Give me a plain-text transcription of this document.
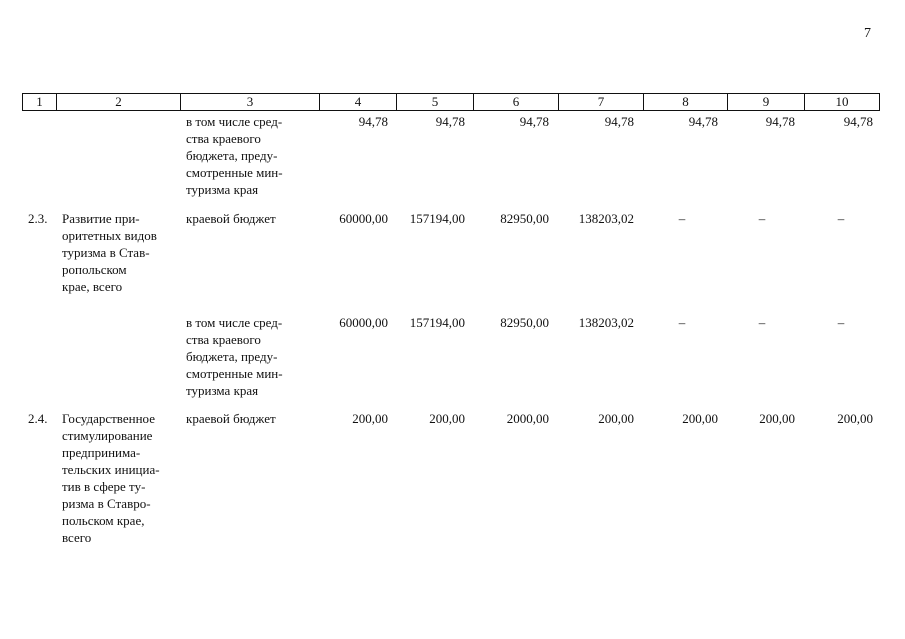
7
1	2	3	4	5	6	7	8	9	10
в том числе сред-
ства краевого
бюджета, преду-
смотренные мин-
туризма края
94,78	94,78	94,78	94,78	94,78	94,78	94,78
2.3. Развитие при-
оритетных видов
туризма в Став-
ропольском
крае, всего
краевой бюджет	60000,00	157194,00	82950,00	138203,02	–	–	–
в том числе сред-
ства краевого
бюджета, преду-
смотренные мин-
туризма края
60000,00	157194,00	82950,00	138203,02	–	–	–
2.4. Государственное
стимулирование
предпринима-
тельских инициа-
тив в сфере ту-
ризма в Ставро-
польском крае,
всего
краевой бюджет	200,00	200,00	2000,00	200,00	200,00	200,00	200,00
